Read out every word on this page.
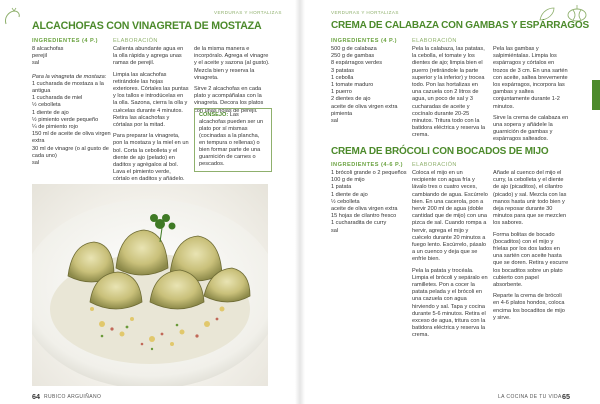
VERDURAS Y HORTALIZAS
ALCACHOFAS CON VINAGRETA DE MOSTAZA
INGREDIENTES (4 P.)	ELABORACIÓN
8 alcachofas
perejil
sal
Para la vinagreta de mostaza:
1 cucharada de mostaza a la
antigua
1 cucharada de miel
½ cebolleta
1 diente de ajo
½ pimiento verde pequeño
¼ de pimiento rojo
150 ml de aceite de oliva virgen
extra
30 ml de vinagre (o al gusto de
cada uno)
sal
Calienta abundante agua en la olla rápida y agrega unas ramas de perejil.
Limpia las alcachofas retirándole las hojas exteriores. Córtales las puntas y los tallos e introdúcelas en la olla. Sazona, cierra la olla y cuécelas durante 4 minutos. Retira las alcachofas y córtalas por la mitad.
Para preparar la vinagreta, pon la mostaza y la miel en un bol. Corta la cebolleta y el diente de ajo (pelado) en daditos y agrégalos al bol. Lava el pimiento verde, córtalo en daditos y añádelo.
de la misma manera e incorpóralo. Agrega el vinagre y el aceite y sazona (al gusto). Mezcla bien y reserva la vinagreta.
Sirve 2 alcachofas en cada plato y acompáñalas con la vinagreta. Decora los platos con unas hojas de perejil.
CONSEJO: Las alcachofas pueden ser un plato por sí mismas (cocinadas a la plancha, en tempura o rellenas) o bien formar parte de una guarnición de carnes o pescados.
64 RUBICO ARGUIÑANO
VERDURAS Y HORTALIZAS
CREMA DE CALABAZA CON GAMBAS Y ESPÁRRAGOS
INGREDIENTES (4 P.)	ELABORACIÓN
500 g de calabaza
250 g de gambas
8 espárragos verdes
3 patatas
1 cebolla
1 tomate maduro
1 puerro
2 dientes de ajo
aceite de oliva virgen extra
pimienta
sal
Pela la calabaza, las patatas, la cebolla, el tomate y los dientes de ajo; limpia bien el puerro (retirándole la parte superior y la inferior) y trocea todo. Pon las hortalizas en una cazuela con 2 litros de agua, un poco de sal y 3 cucharadas de aceite y cocínalo durante 20-25 minutos. Tritura todo con la batidora eléctrica y reserva la crema.
Pela las gambas y salpimiéntalas. Limpia los espárragos y córtalos en trozos de 3 cm. En una sartén con aceite, saltea brevemente los espárragos, incorpora las gambas y saltea conjuntamente durante 1-2 minutos.
Sirve la crema de calabaza en una sopera y añádele la guarnición de gambas y espárragos salteados.
CREMA DE BRÓCOLI CON BOCADOS DE MIJO
INGREDIENTES (4-6 P.) ELABORACIÓN
1 brócoli grande o 2 pequeños
100 g de mijo
1 patata
1 diente de ajo
½ cebolleta
aceite de oliva virgen extra
15 hojas de cilantro fresco
1 cucharadita de curry
sal
Coloca el mijo en un recipiente con agua fría y lávalo tres o cuatro veces, cambiando de agua. Escúrrelo bien. En una cacerola, pon a hervir 200 ml de agua (doble cantidad que de mijo) con una pizca de sal. Cuando rompa a hervir, agrega el mijo y cuécelo durante 20 minutos a fuego lento. Escúrrelo, pásalo a un cuenco y deja que se enfríe bien.
Pela la patata y trocéala. Limpia el brócoli y sepáralo en ramilletes. Pon a cocer la patata pelada y el brócoli en una cazuela con agua hirviendo y sal. Tapa y cocina durante 5-6 minutos. Retira el exceso de agua, tritura con la batidora eléctrica y reserva la crema.
Añade al cuenco del mijo el curry, la cebolleta y el diente de ajo (picaditos), el cilantro (picado) y sal. Mezcla con las manos hasta unir todo bien y deja reposar durante 30 minutos para que se mezclen los sabores.
Forma bolitas de bocado (bocaditos) con el mijo y fríelas por los dos lados en una sartén con aceite hasta que se doren. Retira y escurre los bocaditos sobre un plato cubierto con papel absorbente.
Reparte la crema de brócoli en 4-6 platos hondos, coloca encima los bocaditos de mijo y sirve.
LA COCINA DE TU VIDA 65
